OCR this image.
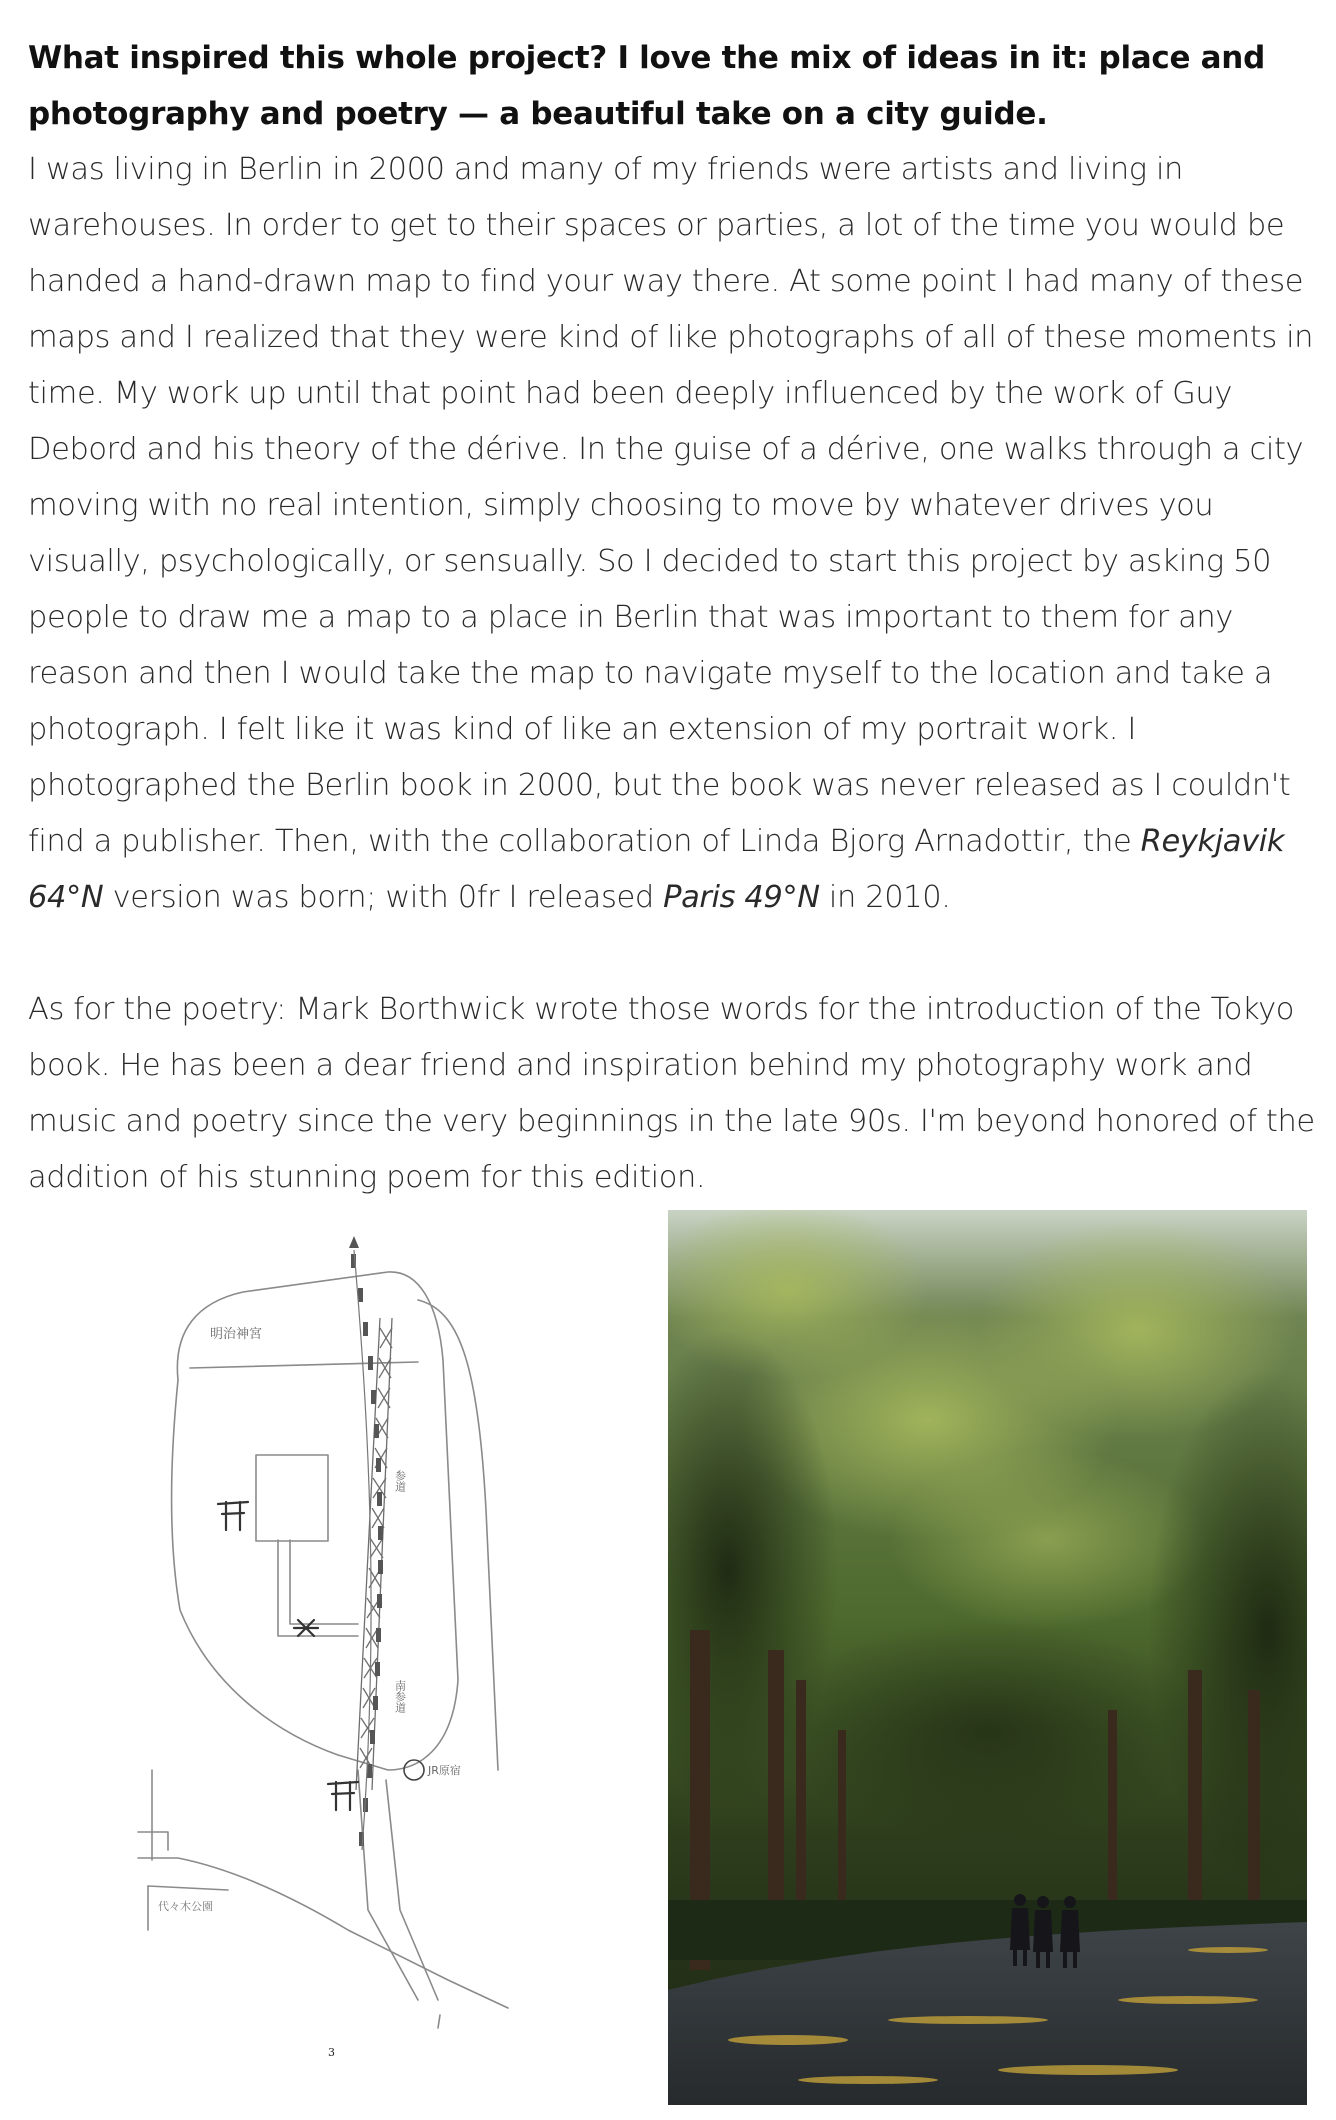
What inspired this whole project? I love the mix of ideas in it: place and photography and poetry — a beautiful take on a city guide.

I was living in Berlin in 2000 and many of my friends were artists and living in warehouses. In order to get to their spaces or parties, a lot of the time you would be handed a hand-drawn map to find your way there. At some point I had many of these maps and I realized that they were kind of like photographs of all of these moments in time. My work up until that point had been deeply influenced by the work of Guy Debord and his theory of the dérive. In the guise of a dérive, one walks through a city moving with no real intention, simply choosing to move by whatever drives you visually, psychologically, or sensually. So I decided to start this project by asking 50 people to draw me a map to a place in Berlin that was important to them for any reason and then I would take the map to navigate myself to the location and take a photograph. I felt like it was kind of like an extension of my portrait work. I photographed the Berlin book in 2000, but the book was never released as I couldn't find a publisher. Then, with the collaboration of Linda Bjorg Arnadottir, the Reykjavik 64°N version was born; with 0fr I released Paris 49°N in 2010.

As for the poetry: Mark Borthwick wrote those words for the introduction of the Tokyo book. He has been a dear friend and inspiration behind my photography work and music and poetry since the very beginnings in the late 90s. I'm beyond honored of the addition of his stunning poem for this edition.

明治神宮
参道
南参道
JR原宿
代々木公園
3
